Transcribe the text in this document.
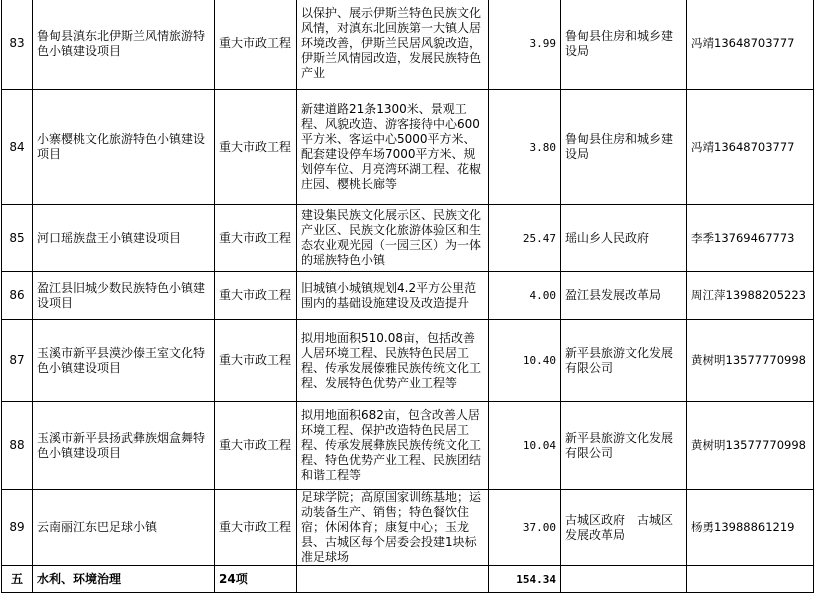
83	鲁甸县滇东北伊斯兰风情旅游特色小镇建设项目	重大市政工程	以保护、展示伊斯兰特色民族文化风情，对滇东北回族第一大镇人居环境改善，伊斯兰民居风貌改造，伊斯兰风情园改造，发展民族特色产业	3.99	鲁甸县住房和城乡建设局	冯靖13648703777
84	小寨樱桃文化旅游特色小镇建设项目	重大市政工程	新建道路21条1300米、景观工程、风貌改造、游客接待中心600平方米、客运中心5000平方米、配套建设停车场7000平方米、规划停车位、月亮湾环湖工程、花椒庄园、樱桃长廊等	3.80	鲁甸县住房和城乡建设局	冯靖13648703777
85	河口瑶族盘王小镇建设项目	重大市政工程	建设集民族文化展示区、民族文化产业区、民族文化旅游体验区和生态农业观光园（一园三区）为一体的瑶族特色小镇	25.47	瑶山乡人民政府	李季13769467773
86	盈江县旧城少数民族特色小镇建设项目	重大市政工程	旧城镇小城镇规划4.2平方公里范围内的基础设施建设及改造提升	4.00	盈江县发展改革局	周江萍13988205223
87	玉溪市新平县漠沙傣王室文化特色小镇建设项目	重大市政工程	拟用地面积510.08亩，包括改善人居环境工程、民族特色民居工程、传承发展傣雅民族传统文化工程、发展特色优势产业工程等	10.40	新平县旅游文化发展有限公司	黄树明13577770998
88	玉溪市新平县扬武彝族烟盒舞特色小镇建设项目	重大市政工程	拟用地面积682亩，包含改善人居环境工程、保护改造特色民居工程、传承发展彝族民族传统文化工程、特色优势产业工程、民族团结和谐工程等	10.04	新平县旅游文化发展有限公司	黄树明13577770998
89	云南丽江东巴足球小镇	重大市政工程	足球学院；高原国家训练基地；运动装备生产、销售；特色餐饮住宿；休闲体育；康复中心；玉龙县、古城区每个居委会投建1块标准足球场	37.00	古城区政府　古城区发展改革局	杨勇13988861219
五	水利、环境治理	24项		154.34		
